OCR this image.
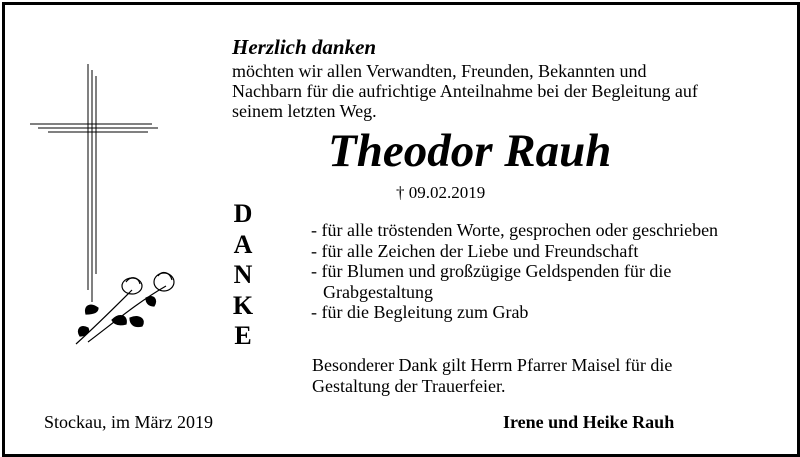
Herzlich danken
möchten wir allen Verwandten, Freunden, Bekannten und
Nachbarn für die aufrichtige Anteilnahme bei der Begleitung auf
seinem letzten Weg.
Theodor Rauh
† 09.02.2019
D
A
N
K
E
- für alle tröstenden Worte, gesprochen oder geschrieben
- für alle Zeichen der Liebe und Freundschaft
- für Blumen und großzügige Geldspenden für die
Grabgestaltung
- für die Begleitung zum Grab
Besonderer Dank gilt Herrn Pfarrer Maisel für die
Gestaltung der Trauerfeier.
Stockau, im März 2019	Irene und Heike Rauh
